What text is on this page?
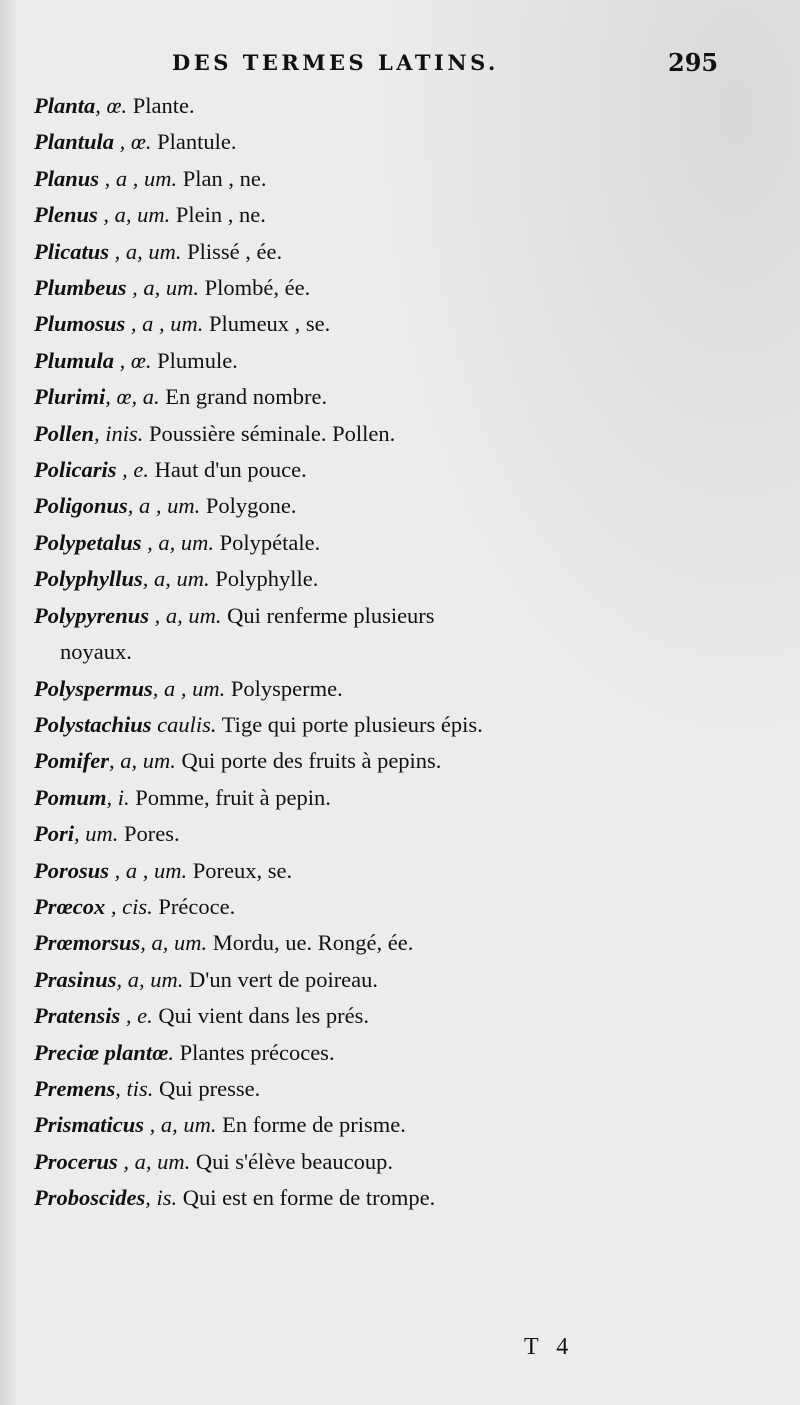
DES TERMES LATINS.	295
Planta, œ. Plante.
Plantula , œ. Plantule.
Planus , a , um. Plan , ne.
Plenus , a, um. Plein , ne.
Plicatus , a, um. Plissé , ée.
Plumbeus , a, um. Plombé, ée.
Plumosus , a , um. Plumeux , se.
Plumula , œ. Plumule.
Plurimi, œ, a. En grand nombre.
Pollen, inis. Poussière séminale. Pollen.
Policaris , e. Haut d'un pouce.
Poligonus, a , um. Polygone.
Polypetalus , a, um. Polypétale.
Polyphyllus, a, um. Polyphylle.
Polypyrenus , a, um. Qui renferme plusieurs
noyaux.
Polyspermus, a , um. Polysperme.
Polystachius caulis. Tige qui porte plusieurs épis.
Pomifer, a, um. Qui porte des fruits à pepins.
Pomum, i. Pomme, fruit à pepin.
Pori, um. Pores.
Porosus , a , um. Poreux, se.
Prœcox , cis. Précoce.
Prœmorsus, a, um. Mordu, ue. Rongé, ée.
Prasinus, a, um. D'un vert de poireau.
Pratensis , e. Qui vient dans les prés.
Preciœ plantœ. Plantes précoces.
Premens, tis. Qui presse.
Prismaticus , a, um. En forme de prisme.
Procerus , a, um. Qui s'élève beaucoup.
Proboscides, is. Qui est en forme de trompe.
T 4
